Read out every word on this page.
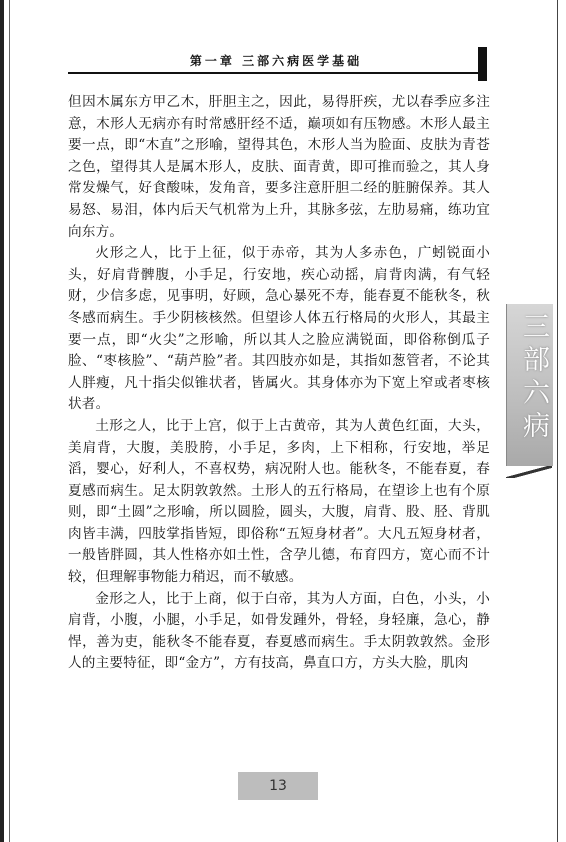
第一章 三部六病医学基础

但因木属东方甲乙木，肝胆主之，因此，易得肝疾，尤以春季应多注意，木形人无病亦有时常感肝经不适，巅项如有压物感。木形人最主要一点，即“木直”之形喻，望得其色，木形人当为脸面、皮肤为青苍之色，望得其人是属木形人，皮肤、面青黄，即可推而验之，其人身常发燥气，好食酸味，发角音，要多注意肝胆二经的脏腑保养。其人易怒、易泪，体内后天气机常为上升，其脉多弦，左肋易痛，练功宜向东方。

火形之人，比于上征，似于赤帝，其为人多赤色，广蚓锐面小头，好肩背髀腹，小手足，行安地，疾心动摇，肩背肉满，有气轻财，少信多虑，见事明，好顾，急心暴死不寿，能春夏不能秋冬，秋冬感而病生。手少阴核核然。但望诊人体五行格局的火形人，其最主要一点，即“火尖”之形喻，所以其人之脸应满锐面，即俗称倒瓜子脸、“枣核脸”、“葫芦脸”者。其四肢亦如是，其指如葱管者，不论其人胖瘦，凡十指尖似锥状者，皆属火。其身体亦为下宽上窄或者枣核状者。

土形之人，比于上宫，似于上古黄帝，其为人黄色红面，大头，美肩背，大腹，美股胯，小手足，多肉，上下相称，行安地，举足滔，婴心，好利人，不喜权势，病况附人也。能秋冬，不能春夏，春夏感而病生。足太阴敦敦然。土形人的五行格局，在望诊上也有个原则，即“土圆”之形喻，所以圆脸，圆头，大腹，肩背、股、胫、背肌肉皆丰满，四肢掌指皆短，即俗称“五短身材者”。大凡五短身材者，一般皆胖圆，其人性格亦如土性，含孕儿德，布育四方，宽心而不计较，但理解事物能力稍迟，而不敏感。

金形之人，比于上商，似于白帝，其为人方面，白色，小头，小肩背，小腹，小腿，小手足，如骨发踵外，骨轻，身轻廉，急心，静悍，善为吏，能秋冬不能春夏，春夏感而病生。手太阴敦敦然。金形人的主要特征，即“金方”，方有技高，鼻直口方，方头大脸，肌肉

三部六病
13
